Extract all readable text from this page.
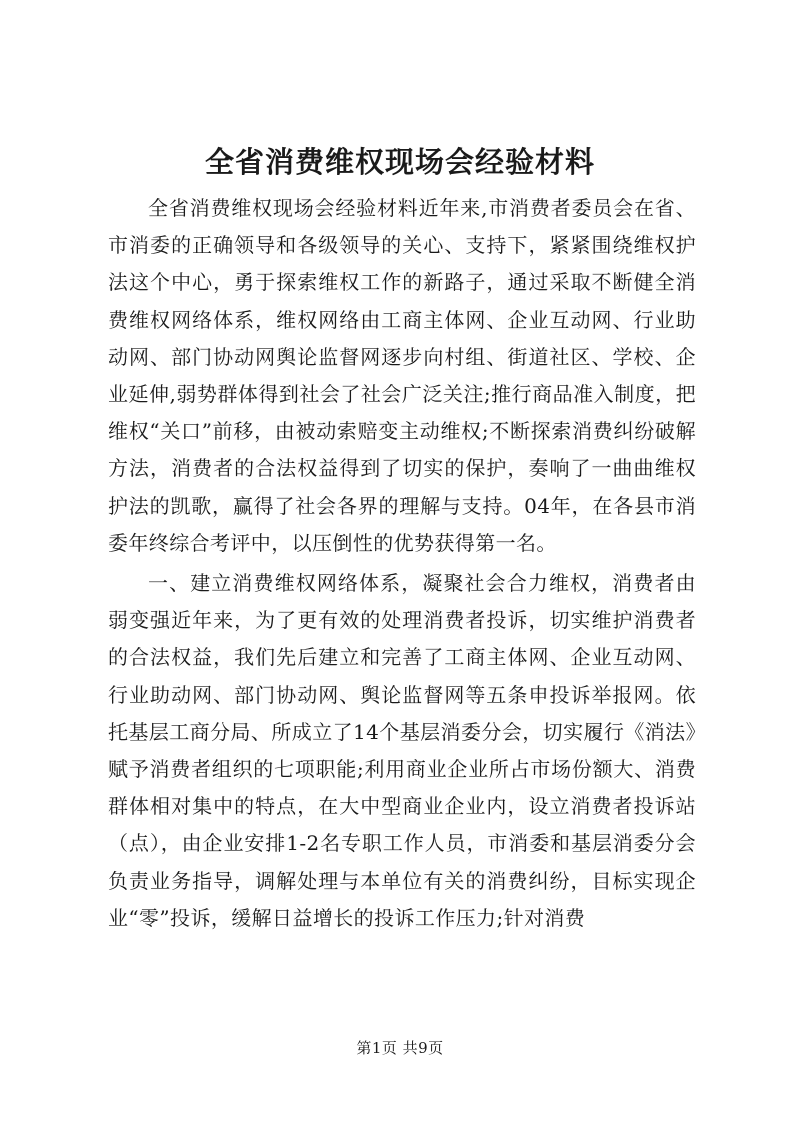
全省消费维权现场会经验材料

全省消费维权现场会经验材料近年来,市消费者委员会在省、市消委的正确领导和各级领导的关心、支持下，紧紧围绕维权护法这个中心，勇于探索维权工作的新路子，通过采取不断健全消费维权网络体系，维权网络由工商主体网、企业互动网、行业助动网、部门协动网舆论监督网逐步向村组、街道社区、学校、企业延伸,弱势群体得到社会了社会广泛关注;推行商品准入制度，把维权“关口”前移，由被动索赔变主动维权;不断探索消费纠纷破解方法，消费者的合法权益得到了切实的保护，奏响了一曲曲维权护法的凯歌，赢得了社会各界的理解与支持。04年，在各县市消委年终综合考评中，以压倒性的优势获得第一名。

一、建立消费维权网络体系，凝聚社会合力维权，消费者由弱变强近年来，为了更有效的处理消费者投诉，切实维护消费者的合法权益，我们先后建立和完善了工商主体网、企业互动网、行业助动网、部门协动网、舆论监督网等五条申投诉举报网。依托基层工商分局、所成立了14个基层消委分会，切实履行《消法》赋予消费者组织的七项职能;利用商业企业所占市场份额大、消费群体相对集中的特点，在大中型商业企业内，设立消费者投诉站（点），由企业安排1-2名专职工作人员，市消委和基层消委分会负责业务指导，调解处理与本单位有关的消费纠纷，目标实现企业“零”投诉，缓解日益增长的投诉工作压力;针对消费

第1页 共9页
